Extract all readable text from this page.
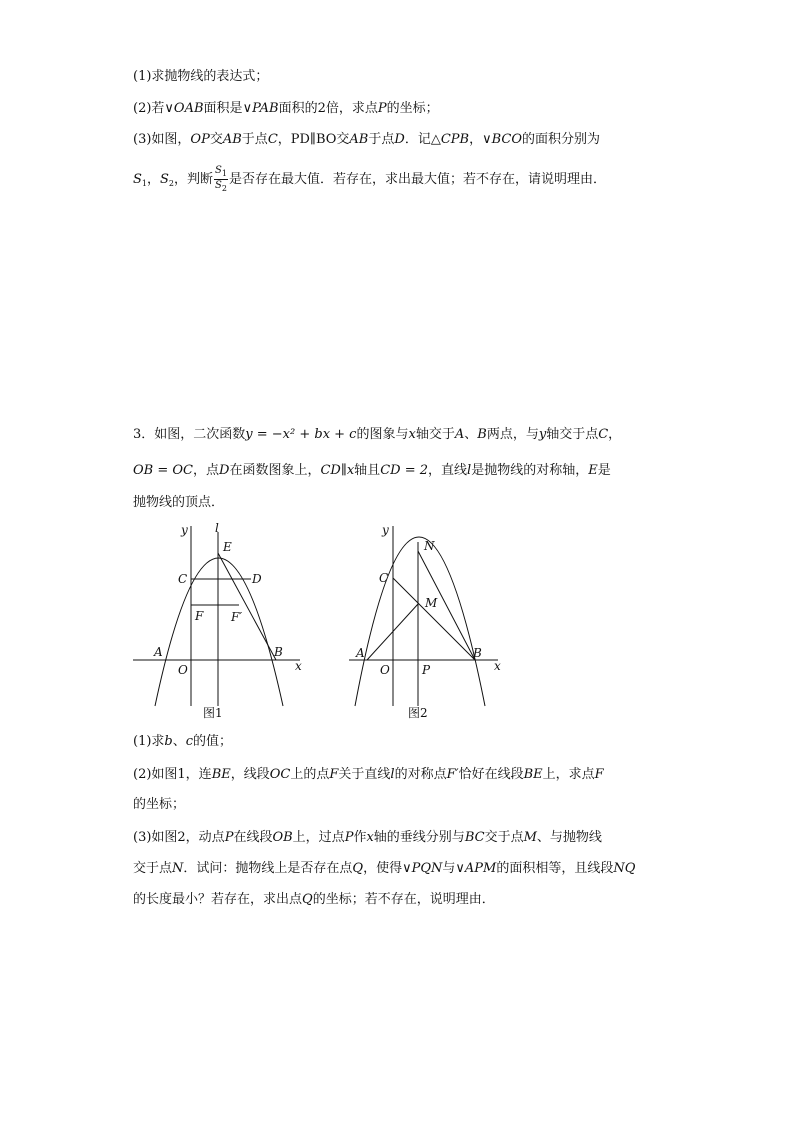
(1)求抛物线的表达式；
(2)若∨OAB面积是∨PAB面积的2倍，求点P的坐标；
(3)如图，OP交AB于点C，PD∥BO交AB于点D．记△CPB，∨BCO的面积分别为
$S_1$，$S_2$，判断 $\frac{S_1}{S_2}$ 是否存在最大值．若存在，求出最大值；若不存在，请说明理由．
3．如图，二次函数y = −x² + bx + c的图象与x轴交于A、B两点，与y轴交于点C，
OB = OC，点D在函数图象上，CD∥x轴且CD = 2，直线l是抛物线的对称轴，E是
抛物线的顶点．
y l
E
C	D
F F′
A
O
B
x
图1
y
N
C
M
A
O	P
B
x
图2
(1)求b、c的值；
(2)如图1，连BE，线段OC上的点F关于直线l的对称点F′恰好在线段BE上，求点F
的坐标；
(3)如图2，动点P在线段OB上，过点P作x轴的垂线分别与BC交于点M、与抛物线
交于点N．试问：抛物线上是否存在点Q，使得∨PQN与∨APM的面积相等，且线段NQ
的长度最小？若存在，求出点Q的坐标；若不存在，说明理由．
